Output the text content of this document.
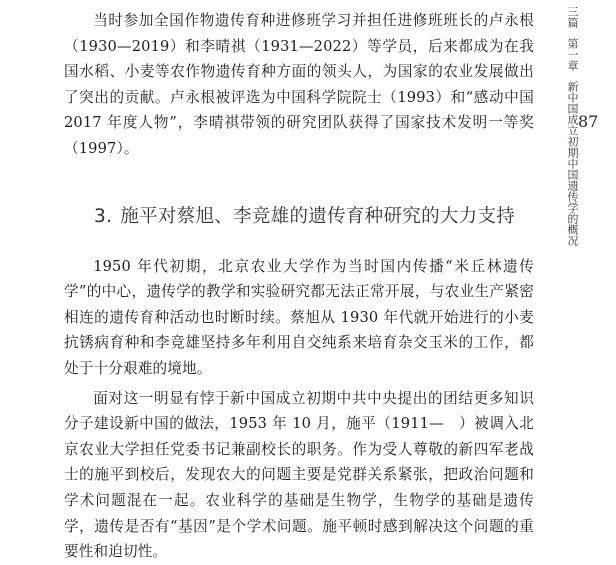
当时参加全国作物遗传育种进修班学习并担任进修班班长的卢永根（1930—2019）和李晴祺（1931—2022）等学员，后来都成为在我国水稻、小麦等农作物遗传育种方面的领头人，为国家的农业发展做出了突出的贡献。卢永根被评选为中国科学院院士（1993）和“感动中国 2017 年度人物”，李晴祺带领的研究团队获得了国家技术发明一等奖（1997）。

3. 施平对蔡旭、李竞雄的遗传育种研究的大力支持

1950 年代初期，北京农业大学作为当时国内传播“米丘林遗传学”的中心，遗传学的教学和实验研究都无法正常开展，与农业生产紧密相连的遗传育种活动也时断时续。蔡旭从 1930 年代就开始进行的小麦抗锈病育种和李竞雄坚持多年利用自交纯系来培育杂交玉米的工作，都处于十分艰难的境地。

面对这一明显有悖于新中国成立初期中共中央提出的团结更多知识分子建设新中国的做法，1953 年 10 月，施平（1911—　）被调入北京农业大学担任党委书记兼副校长的职务。作为受人尊敬的新四军老战士的施平到校后，发现农大的问题主要是党群关系紧张，把政治问题和学术问题混在一起。农业科学的基础是生物学，生物学的基础是遗传学，遗传是否有“基因”是个学术问题。施平顿时感到解决这个问题的重要性和迫切性。

三篇第一章新中国成立初期中国遗传学的概况 87
